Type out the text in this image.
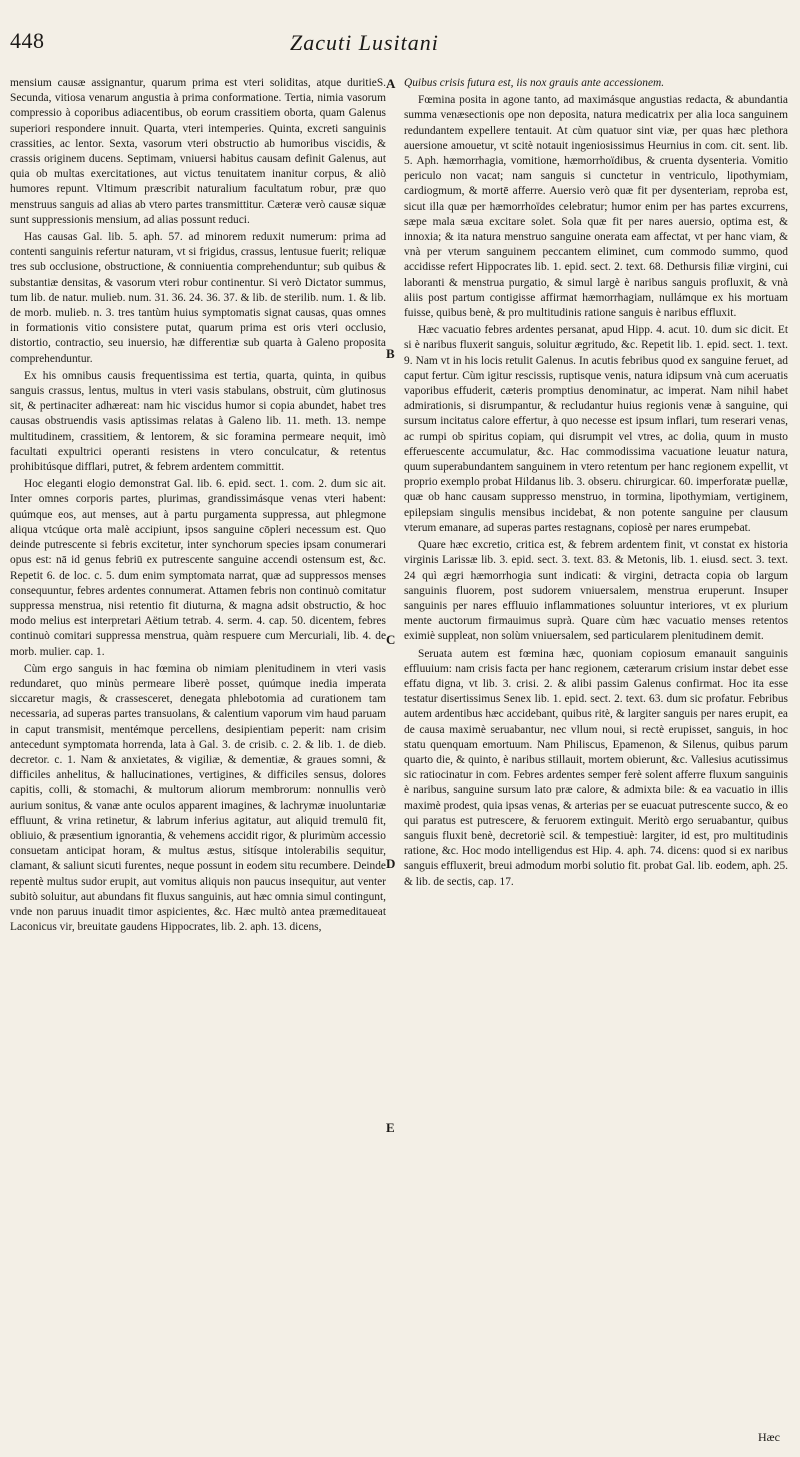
448	Zacuti Lusitani

mensium causæ assignantur, quarum prima est vteri soliditas, atque duritieS. Secunda, vitiosa venarum angustia à prima conformatione. Tertia, nimia vasorum compressio à coporibus adiacentibus, ob eorum crassitiem oborta, quam Galenus superiori respondere innuit. Quarta, vteri intemperies. Quinta, excreti sanguinis crassities, ac lentor. Sexta, vasorum vteri obstructio ab humoribus viscidis, & crassis originem ducens. Septimam, vniuersi habitus causam definit Galenus, aut quia ob multas exercitationes, aut victus tenuitatem inanitur corpus, & aliò humores repunt. Vltimum præscribit naturalium facultatum robur, præ quo menstruus sanguis ad alias ab vtero partes transmittitur. Cæteræ verò causæ siquæ sunt suppressionis mensium, ad alias possunt reduci.

Has causas Gal. lib. 5. aph. 57. ad minorem reduxit numerum: prima ad contenti sanguinis refertur naturam, vt si frigidus, crassus, lentusue fuerit; reliquæ tres sub occlusione, obstructione, & conniuentia comprehenduntur; sub quibus & substantiæ densitas, & vasorum vteri robur continentur. Si verò Dictator summus, tum lib. de natur. mulieb. num. 31. 36. 24. 36. 37. & lib. de sterilib. num. 1. & lib. de morb. mulieb. n. 3. tres tantùm huius symptomatis signat causas, quas omnes in formationis vitio consistere putat, quarum prima est oris vteri occlusio, distortio, contractio, seu inuersio, hæ differentiæ sub quarta à Galeno proposita comprehenduntur.

Ex his omnibus causis frequentissima est tertia, quarta, quinta, in quibus sanguis crassus, lentus, multus in vteri vasis stabulans, obstruit, cùm glutinosus sit, & pertinaciter adhæreat: nam hic viscidus humor si copia abundet, habet tres causas obstruendis vasis aptissimas relatas à Galeno lib. 11. meth. 13. nempe multitudinem, crassitiem, & lentorem, & sic foramina permeare nequit, imò facultati expultrici operanti resistens in vtero conculcatur, & retentus prohibitúsque difflari, putret, & febrem ardentem committit.

Hoc eleganti elogio demonstrat Gal. lib. 6. epid. sect. 1. com. 2. dum sic ait. Inter omnes corporis partes, plurimas, grandissimásque venas vteri habent: quúmque eos, aut menses, aut à partu purgamenta suppressa, aut phlegmone aliqua vtcúque orta malè accipiunt, ipsos sanguine cōpleri necessum est. Quo deinde putrescente si febris excitetur, inter synchorum species ipsam conumerari opus est: nā id genus febriū ex putrescente sanguine accendi ostensum est, &c. Repetit 6. de loc. c. 5. dum enim symptomata narrat, quæ ad suppressos menses consequuntur, febres ardentes connumerat. Attamen febris non continuò comitatur suppressa menstrua, nisi retentio fit diuturna, & magna adsit obstructio, & hoc modo melius est interpretari Aëtium tetrab. 4. serm. 4. cap. 50. dicentem, febres continuò comitari suppressa menstrua, quàm respuere cum Mercuriali, lib. 4. de morb. mulier. cap. 1.

Cùm ergo sanguis in hac fœmina ob nimiam plenitudinem in vteri vasis redundaret, quo minùs permeare liberè posset, quúmque inedia imperata siccaretur magis, & crassesceret, denegata phlebotomia ad curationem tam necessaria, ad superas partes transuolans, & calentium vaporum vim haud paruam in caput transmisit, mentémque percellens, desipientiam peperit: nam crisim antecedunt symptomata horrenda, lata à Gal. 3. de crisib. c. 2. & lib. 1. de dieb. decretor. c. 1. Nam & anxietates, & vigiliæ, & dementiæ, & graues somni, & difficiles anhelitus, & hallucinationes, vertigines, & difficiles sensus, dolores capitis, colli, & stomachi, & multorum aliorum membrorum: nonnullis verò aurium sonitus, & vanæ ante oculos apparent imagines, & lachrymæ inuoluntariæ effluunt, & vrina retinetur, & labrum inferius agitatur, aut aliquid tremulū fit, obliuio, & præsentium ignorantia, & vehemens accidit rigor, & plurimùm accessio consuetam anticipat horam, & multus æstus, sitísque intolerabilis sequitur, clamant, & saliunt sicuti furentes, neque possunt in eodem situ recumbere. Deinde repentè multus sudor erupit, aut vomitus aliquis non paucus insequitur, aut venter subitò soluitur, aut abundans fit fluxus sanguinis, aut hæc omnia simul contingunt, vnde non paruus inuadit timor aspicientes, &c. Hæc multò antea præmeditaueat Laconicus vir, breuitate gaudens Hippocrates, lib. 2. aph. 13. dicens,

A
B
C
D
E

Quibus crisis futura est, iis nox grauis ante accessionem.

Fœmina posita in agone tanto, ad maximásque angustias redacta, & abundantia summa venæsectionis ope non deposita, natura medicatrix per alia loca sanguinem redundantem expellere tentauit. At cùm quatuor sint viæ, per quas hæc plethora auersione amouetur, vt scitè notauit ingeniosissimus Heurnius in com. cit. sent. lib. 5. Aph. hæmorrhagia, vomitione, hæmorrhoïdibus, & cruenta dysenteria. Vomitio periculo non vacat; nam sanguis si cunctetur in ventriculo, lipothymiam, cardiogmum, & mortē afferre. Auersio verò quæ fit per dysenteriam, reproba est, sicut illa quæ per hæmorrhoïdes celebratur; humor enim per has partes excurrens, sæpe mala sæua excitare solet. Sola quæ fit per nares auersio, optima est, & innoxia; & ita natura menstruo sanguine onerata eam affectat, vt per hanc viam, & vnà per vterum sanguinem peccantem eliminet, cum commodo summo, quod accidisse refert Hippocrates lib. 1. epid. sect. 2. text. 68. Dethursis filiæ virgini, cui laboranti & menstrua purgatio, & simul largè è naribus sanguis profluxit, & vnà aliis post partum contigisse affirmat hæmorrhagiam, nullámque ex his mortuam fuisse, quibus benè, & pro multitudinis ratione sanguis è naribus effluxit.

Hæc vacuatio febres ardentes persanat, apud Hipp. 4. acut. 10. dum sic dicit. Et si è naribus fluxerit sanguis, soluitur ægritudo, &c. Repetit lib. 1. epid. sect. 1. text. 9. Nam vt in his locis retulit Galenus. In acutis febribus quod ex sanguine feruet, ad caput fertur. Cùm igitur rescissis, ruptisque venis, natura idipsum vnà cum aceruatis vaporibus effuderit, cæteris promptius denominatur, ac imperat. Nam nihil habet admirationis, si disrumpantur, & recludantur huius regionis venæ à sanguine, qui sursum incitatus calore effertur, à quo necesse est ipsum inflari, tum reserari venas, ac rumpi ob spiritus copiam, qui disrumpit vel vtres, ac dolia, quum in musto efferuescente accumulatur, &c. Hac commodissima vacuatione leuatur natura, quum superabundantem sanguinem in vtero retentum per hanc regionem expellit, vt proprio exemplo probat Hildanus lib. 3. obseru. chirurgicar. 60. imperforatæ puellæ, quæ ob hanc causam suppresso menstruo, in tormina, lipothymiam, vertiginem, epilepsiam singulis mensibus incidebat, & non potente sanguine per clausum vterum emanare, ad superas partes restagnans, copiosè per nares erumpebat.

Quare hæc excretio, critica est, & febrem ardentem finit, vt constat ex historia virginis Larissæ lib. 3. epid. sect. 3. text. 83. & Metonis, lib. 1. eiusd. sect. 3. text. 24 quì ægri hæmorrhogia sunt indicati: & virgini, detracta copia ob largum sanguinis fluorem, post sudorem vniuersalem, menstrua eruperunt. Insuper sanguinis per nares effluuio inflammationes soluuntur interiores, vt ex plurium mente auctorum firmauimus suprà. Quare cùm hæc vacuatio menses retentos eximiè suppleat, non solùm vniuersalem, sed particularem plenitudinem demit.

Seruata autem est fœmina hæc, quoniam copiosum emanauit sanguinis effluuium: nam crisis facta per hanc regionem, cæterarum crisium instar debet esse effatu digna, vt lib. 3. crisi. 2. & alibi passim Galenus confirmat. Hoc ita esse testatur disertissimus Senex lib. 1. epid. sect. 2. text. 63. dum sic profatur. Febribus autem ardentibus hæc accidebant, quibus ritè, & largiter sanguis per nares erupit, ea de causa maximè seruabantur, nec vllum noui, si rectè erupisset, sanguis, in hoc statu quenquam emortuum. Nam Philiscus, Epamenon, & Silenus, quibus parum quarto die, & quinto, è naribus stillauit, mortem obierunt, &c. Vallesius acutissimus sic ratiocinatur in com. Febres ardentes semper ferè solent afferre fluxum sanguinis è naribus, sanguine sursum lato præ calore, & admixta bile: & ea vacuatio in illis maximè prodest, quia ipsas venas, & arterias per se euacuat putrescente succo, & eo qui paratus est putrescere, & feruorem extinguit. Meritò ergo seruabantur, quibus sanguis fluxit benè, decretoriè scil. & tempestiuè: largiter, id est, pro multitudinis ratione, &c. Hoc modo intelligendus est Hip. 4. aph. 74. dicens: quod si ex naribus sanguis effluxerit, breui admodum morbi solutio fit. probat Gal. lib. eodem, aph. 25. & lib. de sectis, cap. 17.

Hæc
